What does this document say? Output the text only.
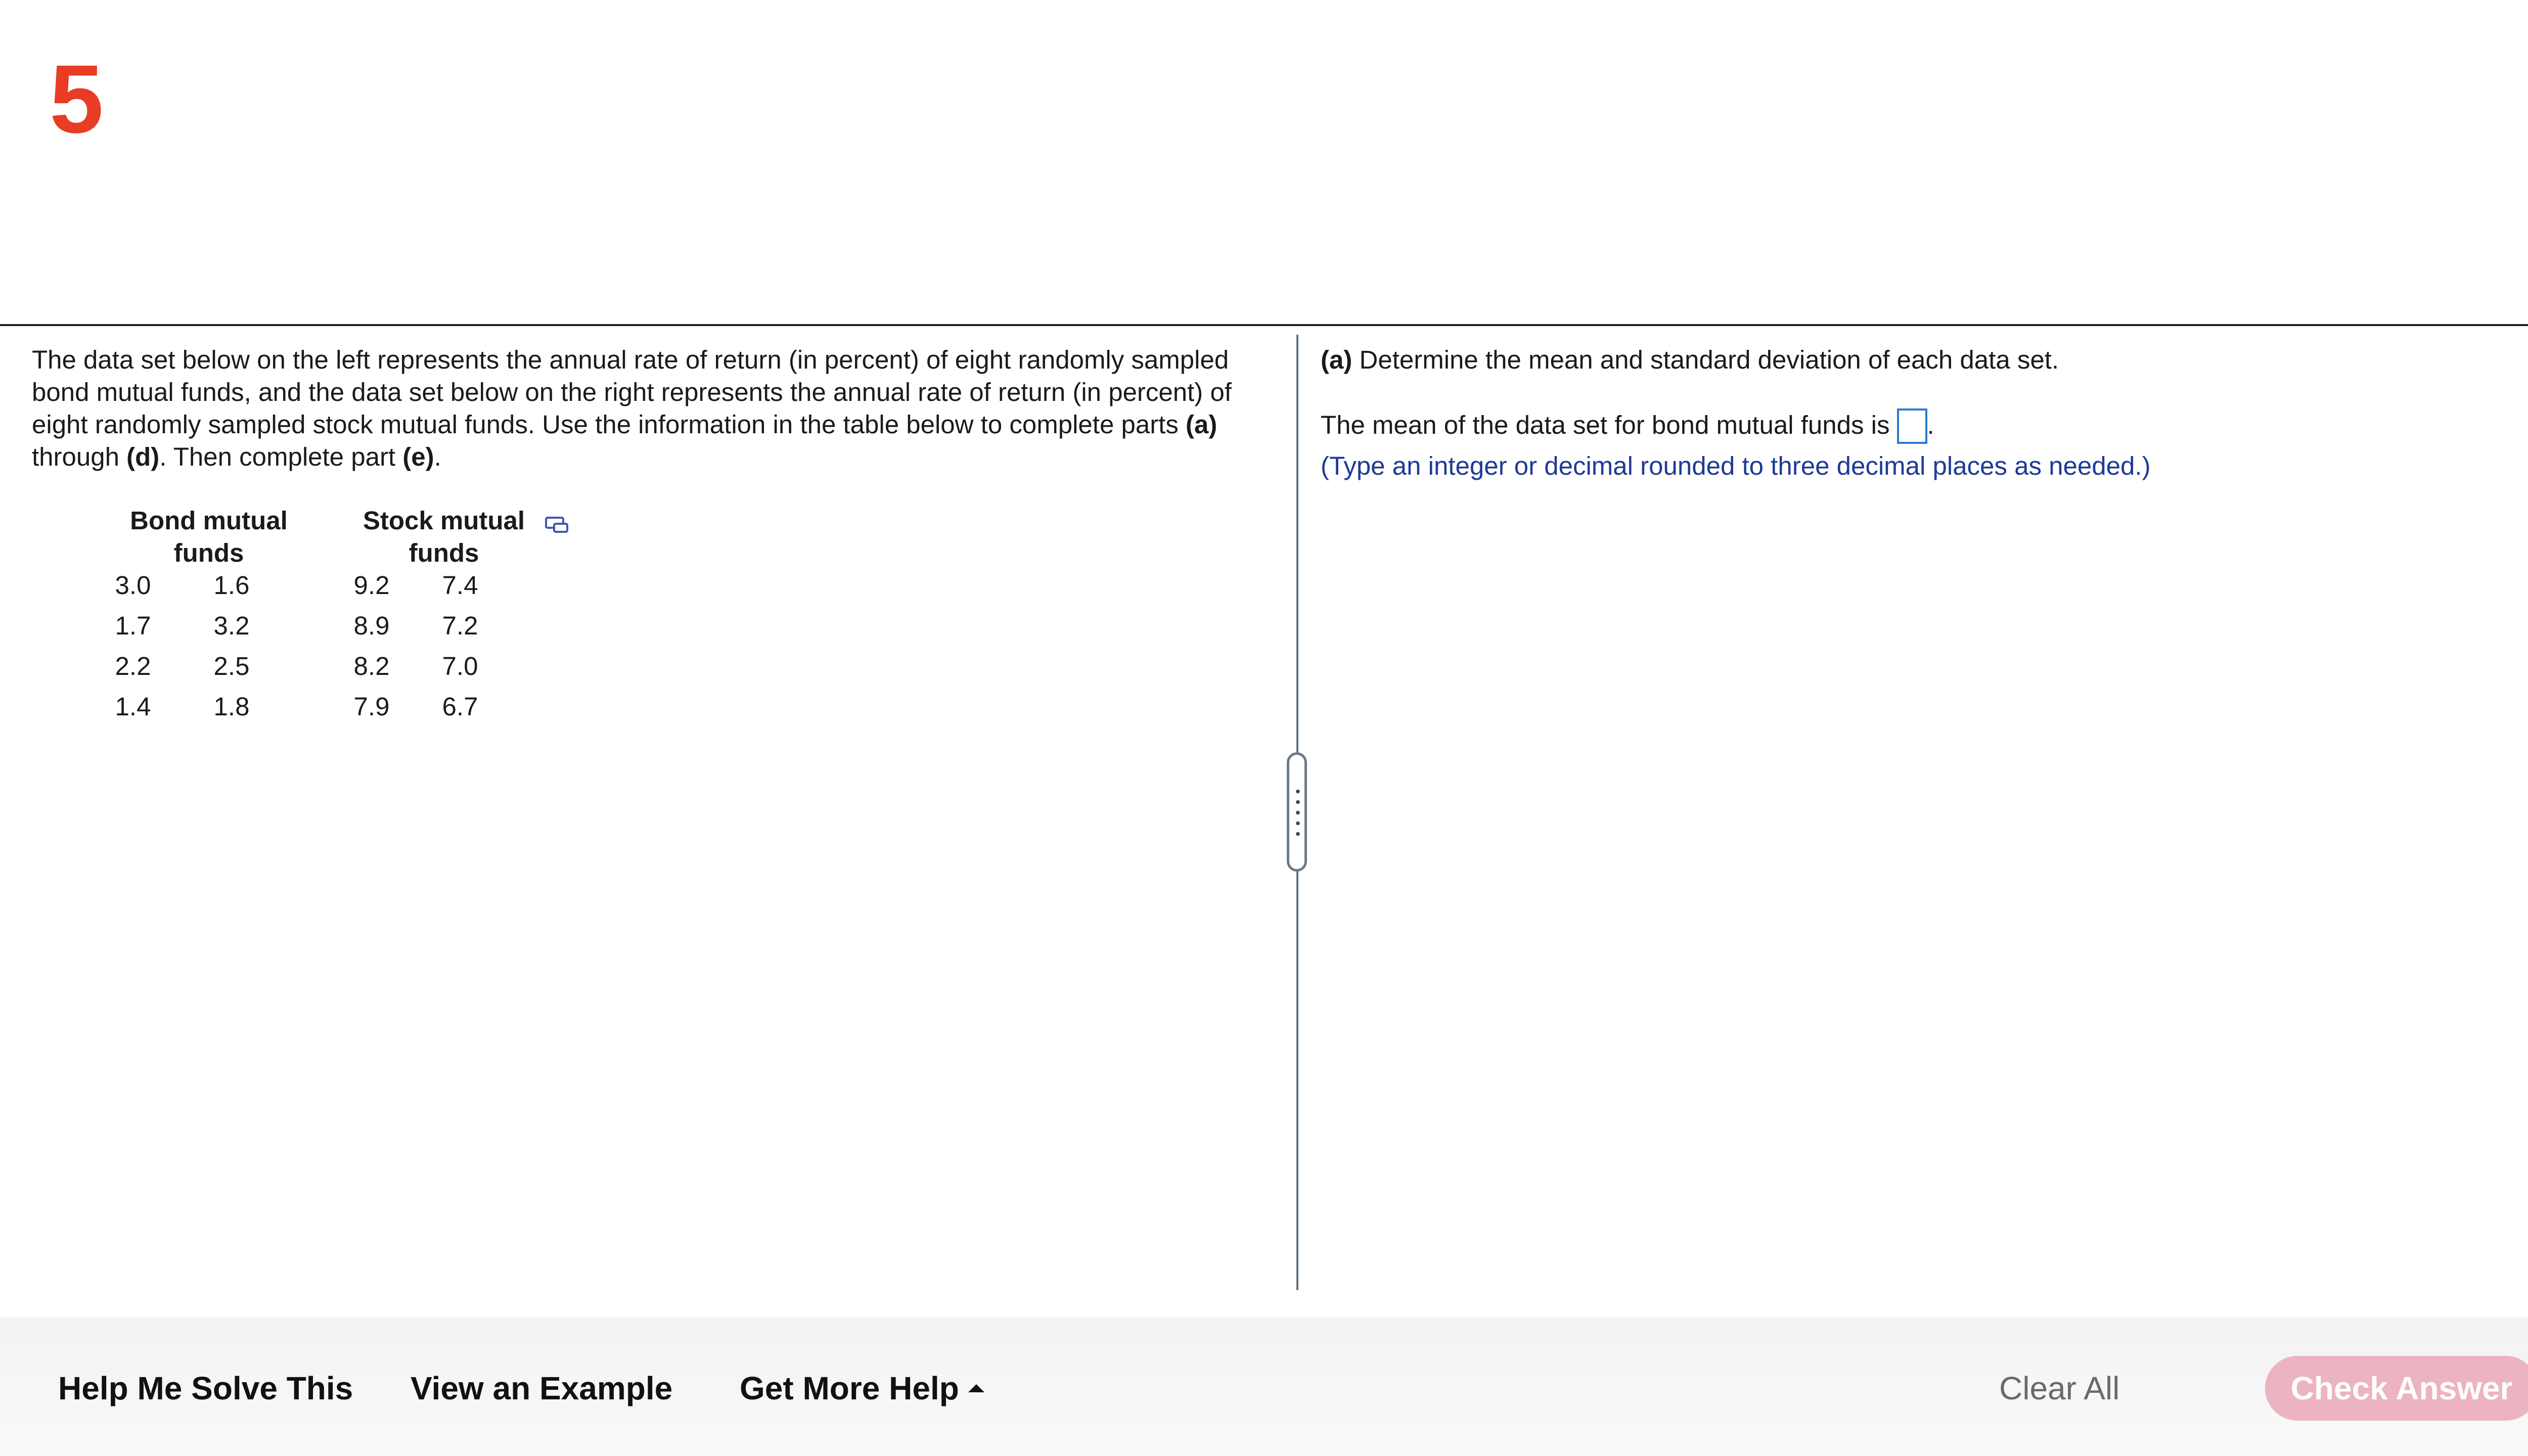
5

The data set below on the left represents the annual rate of return (in percent) of eight randomly sampled bond mutual funds, and the data set below on the right represents the annual rate of return (in percent) of eight randomly sampled stock mutual funds. Use the information in the table below to complete parts (a) through (d). Then complete part (e).

Bond mutual
funds
Stock mutual
funds
3.0	1.6	9.2	7.4
1.7	3.2	8.9	7.2
2.2	2.5	8.2	7.0
1.4	1.8	7.9	6.7

(a) Determine the mean and standard deviation of each data set.

The mean of the data set for bond mutual funds is .
(Type an integer or decimal rounded to three decimal places as needed.)
Help Me Solve This View an Example Get More Help	Clear All	Check Answer
